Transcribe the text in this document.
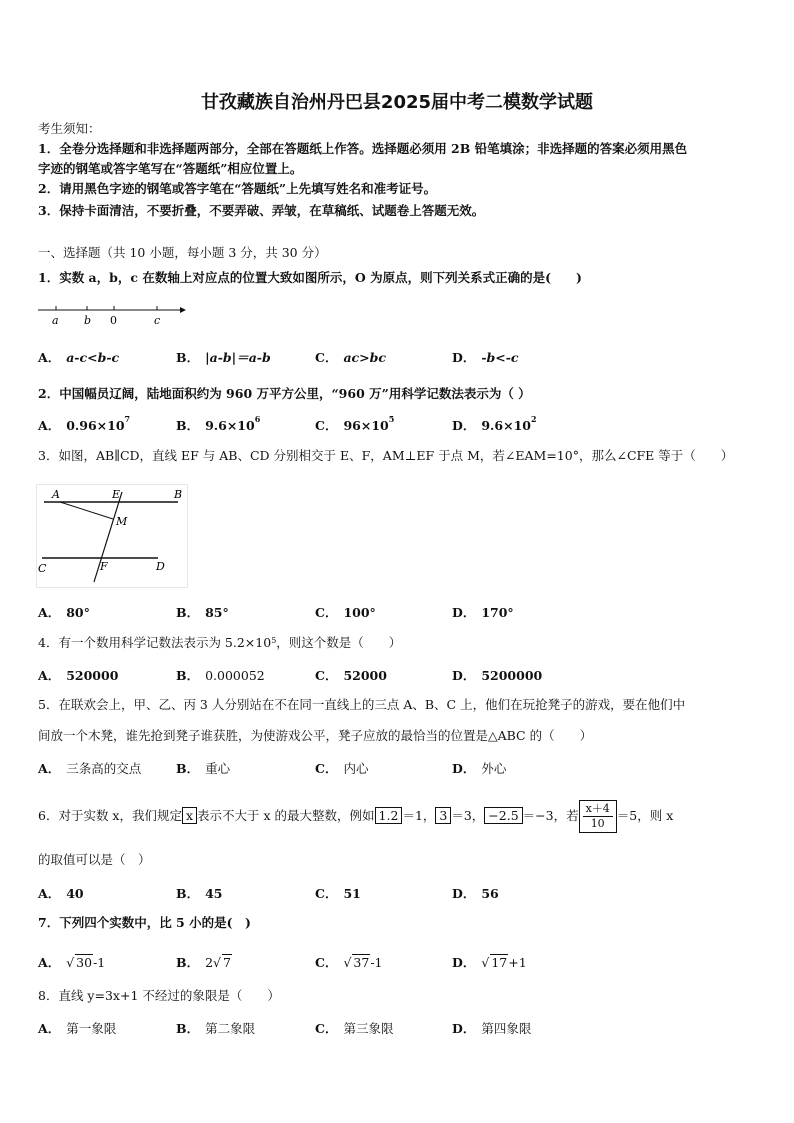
甘孜藏族自治州丹巴县2025届中考二模数学试题
考生须知：
1．全卷分选择题和非选择题两部分，全部在答题纸上作答。选择题必须用 2B 铅笔填涂；非选择题的答案必须用黑色
字迹的钢笔或答字笔写在“答题纸”相应位置上。
2．请用黑色字迹的钢笔或答字笔在“答题纸”上先填写姓名和准考证号。
3．保持卡面清洁，不要折叠，不要弄破、弄皱，在草稿纸、试题卷上答题无效。
一、选择题（共 10 小题，每小题 3 分，共 30 分）
1．实数 a，b，c 在数轴上对应点的位置大致如图所示，O 为原点，则下列关系式正确的是(　　)
a b 0	c
A． a-c<b-c	B． |a-b|＝a-b	C． ac>bc	D． -b<-c
2．中国幅员辽阔，陆地面积约为 960 万平方公里，“960 万”用科学记数法表示为（ ）
A． $0.96\times 10^7$	B． $9.6\times 10^6$	C． $96\times 10^5$	D． $9.6\times 10^2$
3．如图，AB∥CD，直线 EF 与 AB、CD 分别相交于 E、F，AM⊥EF 于点 M，若∠EAM=10°，那么∠CFE 等于（　　）
A	E	B
M
C	F	D
A． 80°	B． 85°	C． 100°	D． 170°
4．有一个数用科学记数法表示为 $5.2\times 10^5$，则这个数是（　　）
A． 520000	B． 0.000052	C． 52000	D． 5200000
5．在联欢会上，甲、乙、丙 3 人分别站在不在同一直线上的三点 A、B、C 上，他们在玩抢凳子的游戏，要在他们中
间放一个木凳，谁先抢到凳子谁获胜，为使游戏公平，凳子应放的最恰当的位置是△ABC 的（　　）
A． 三条高的交点	B． 重心	C． 内心	D． 外心
6．对于实数 x，我们规定 x 表示不大于 x 的最大整数，例如 1.2 ＝1， 3 ＝3， −2.5 ＝−3，若 $\frac{x+4}{10} =5$，则 x
的取值可以是（　）
A． 40	B． 45	C． 51	D． 56
7．下列四个实数中，比 5 小的是(　)
A． √ 30-1	B． 2√ 7	C． √ 37-1	D． √ 17+1
8．直线 y=3x+1 不经过的象限是（　　）
A． 第一象限	B． 第二象限	C． 第三象限	D． 第四象限
